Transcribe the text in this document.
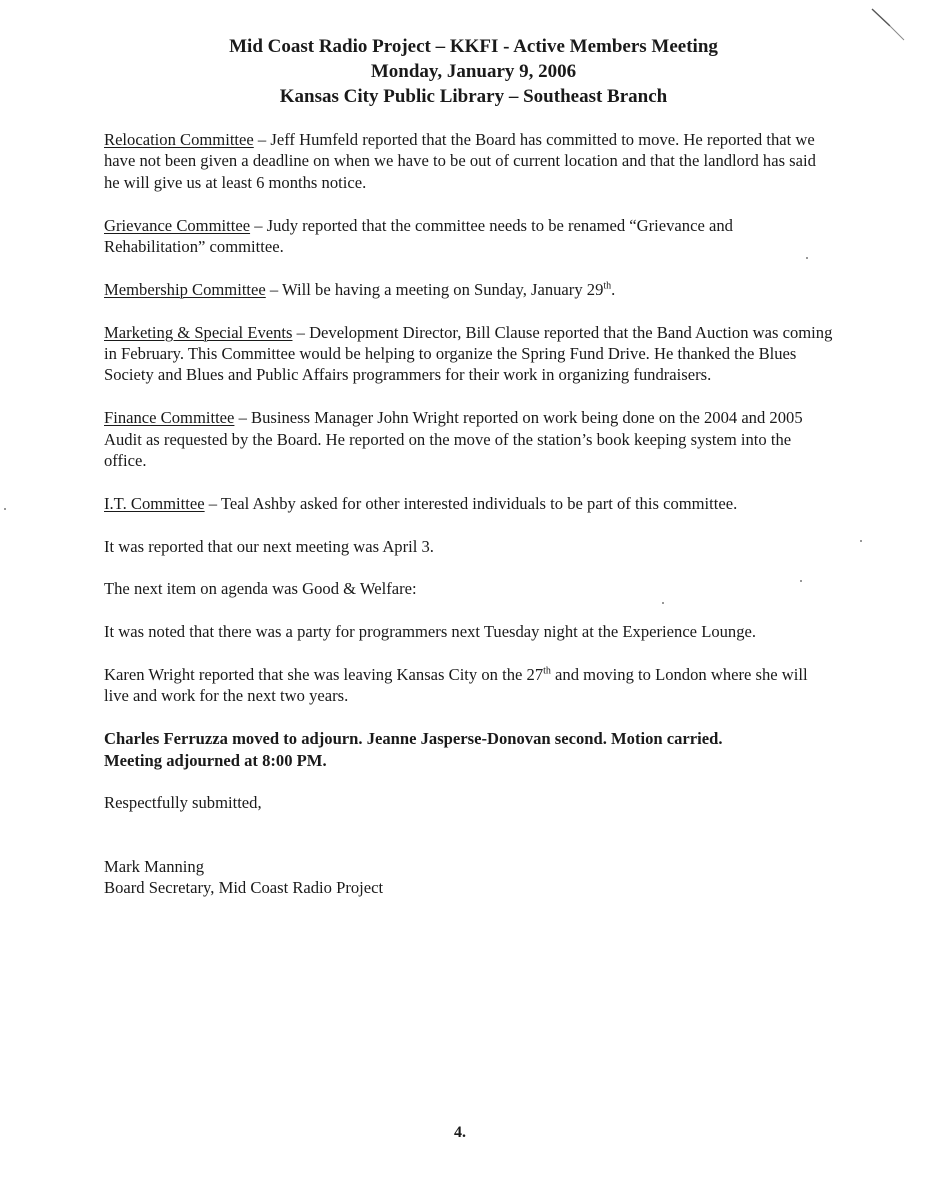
Mid Coast Radio Project – KKFI - Active Members Meeting
Monday, January 9, 2006
Kansas City Public Library – Southeast Branch

Relocation Committee – Jeff Humfeld reported that the Board has committed to move. He reported that we have not been given a deadline on when we have to be out of current location and that the landlord has said he will give us at least 6 months notice.

Grievance Committee – Judy reported that the committee needs to be renamed “Grievance and Rehabilitation” committee.

Membership Committee – Will be having a meeting on Sunday, January 29th.

Marketing & Special Events – Development Director, Bill Clause reported that the Band Auction was coming in February. This Committee would be helping to organize the Spring Fund Drive. He thanked the Blues Society and Blues and Public Affairs programmers for their work in organizing fundraisers.

Finance Committee – Business Manager John Wright reported on work being done on the 2004 and 2005 Audit as requested by the Board. He reported on the move of the station’s book keeping system into the office.

I.T. Committee – Teal Ashby asked for other interested individuals to be part of this committee.

It was reported that our next meeting was April 3.

The next item on agenda was Good & Welfare:

It was noted that there was a party for programmers next Tuesday night at the Experience Lounge.

Karen Wright reported that she was leaving Kansas City on the 27th and moving to London where she will live and work for the next two years.

Charles Ferruzza moved to adjourn. Jeanne Jasperse-Donovan second. Motion carried.
Meeting adjourned at 8:00 PM.

Respectfully submitted,

Mark Manning
Board Secretary, Mid Coast Radio Project
4.
